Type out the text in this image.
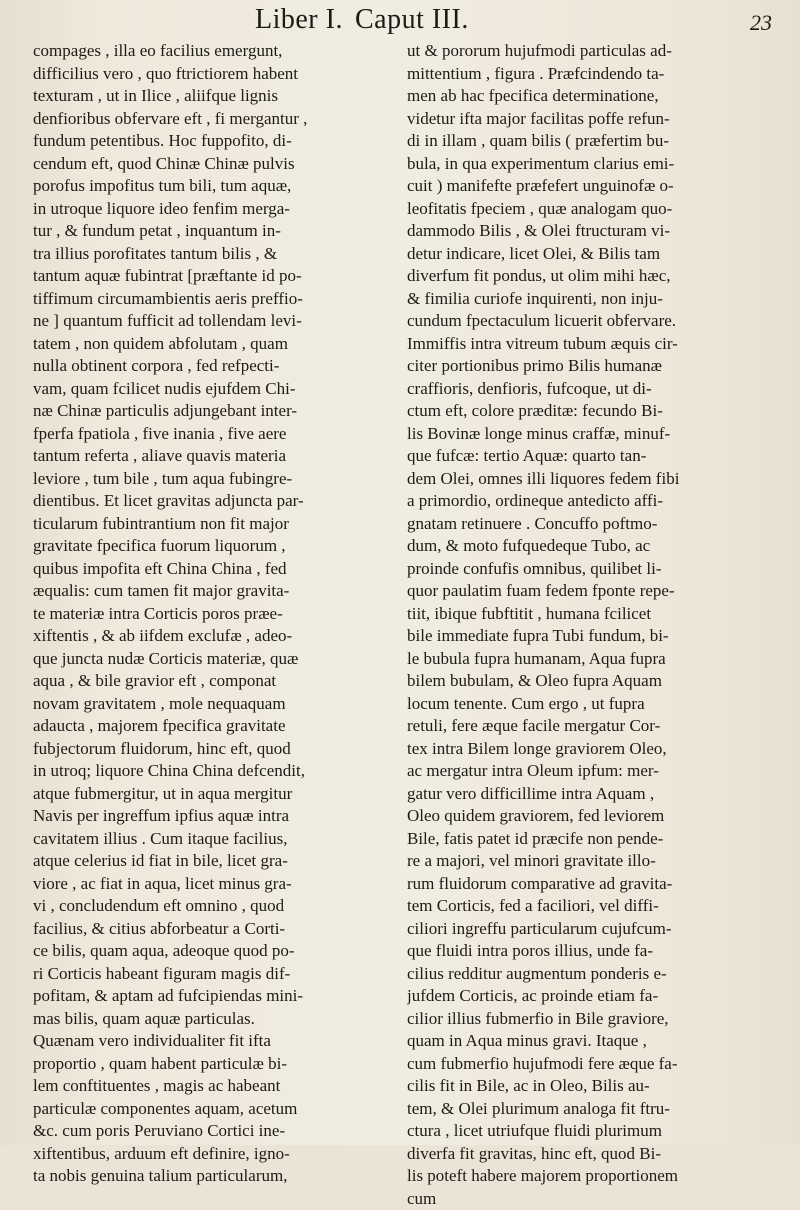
Liber I. Caput III.	23
compages , illa eo facilius emergunt,
difficilius vero , quo ftrictiorem habent
texturam , ut in Ilice , aliifque lignis
denfioribus obfervare eft , fi mergantur ,
fundum petentibus. Hoc fuppofito, di-
cendum eft, quod Chinæ Chinæ pulvis
porofus impofitus tum bili, tum aquæ,
in utroque liquore ideo fenfim merga-
tur , & fundum petat , inquantum in-
tra illius porofitates tantum bilis , &
tantum aquæ fubintrat [præftante id po-
tiffimum circumambientis aeris preffio-
ne ] quantum fufficit ad tollendam levi-
tatem , non quidem abfolutam , quam
nulla obtinent corpora , fed refpecti-
vam, quam fcilicet nudis ejufdem Chi-
næ Chinæ particulis adjungebant inter-
fperfa fpatiola , five inania , five aere
tantum referta , aliave quavis materia
leviore , tum bile , tum aqua fubingre-
dientibus. Et licet gravitas adjuncta par-
ticularum fubintrantium non fit major
gravitate fpecifica fuorum liquorum ,
quibus impofita eft China China , fed
æqualis: cum tamen fit major gravita-
te materiæ intra Corticis poros præe-
xiftentis , & ab iifdem exclufæ , adeo-
que juncta nudæ Corticis materiæ, quæ
aqua , & bile gravior eft , componat
novam gravitatem , mole nequaquam
adaucta , majorem fpecifica gravitate
fubjectorum fluidorum, hinc eft, quod
in utroq; liquore China China defcendit,
atque fubmergitur, ut in aqua mergitur
Navis per ingreffum ipfius aquæ intra
cavitatem illius . Cum itaque facilius,
atque celerius id fiat in bile, licet gra-
viore , ac fiat in aqua, licet minus gra-
vi , concludendum eft omnino , quod
facilius, & citius abforbeatur a Corti-
ce bilis, quam aqua, adeoque quod po-
ri Corticis habeant figuram magis dif-
pofitam, & aptam ad fufcipiendas mini-
mas bilis, quam aquæ particulas.
Quænam vero individualiter fit ifta
proportio , quam habent particulæ bi-
lem conftituentes , magis ac habeant
particulæ componentes aquam, acetum
&c. cum poris Peruviano Cortici ine-
xiftentibus, arduum eft definire, igno-
ta nobis genuina talium particularum,
ut & pororum hujufmodi particulas ad-
mittentium , figura . Præfcindendo ta-
men ab hac fpecifica determinatione,
videtur ifta major facilitas poffe refun-
di in illam , quam bilis ( præfertim bu-
bula, in qua experimentum clarius emi-
cuit ) manifefte præfefert unguinofæ o-
leofitatis fpeciem , quæ analogam quo-
dammodo Bilis , & Olei ftructuram vi-
detur indicare, licet Olei, & Bilis tam
diverfum fit pondus, ut olim mihi hæc,
& fimilia curiofe inquirenti, non inju-
cundum fpectaculum licuerit obfervare.
Immiffis intra vitreum tubum æquis cir-
citer portionibus primo Bilis humanæ
craffioris, denfioris, fufcoque, ut di-
ctum eft, colore præditæ: fecundo Bi-
lis Bovinæ longe minus craffæ, minuf-
que fufcæ: tertio Aquæ: quarto tan-
dem Olei, omnes illi liquores fedem fibi
a primordio, ordineque antedicto affi-
gnatam retinuere . Concuffo poftmo-
dum, & moto fufquedeque Tubo, ac
proinde confufis omnibus, quilibet li-
quor paulatim fuam fedem fponte repe-
tiit, ibique fubftitit , humana fcilicet
bile immediate fupra Tubi fundum, bi-
le bubula fupra humanam, Aqua fupra
bilem bubulam, & Oleo fupra Aquam
locum tenente. Cum ergo , ut fupra
retuli, fere æque facile mergatur Cor-
tex intra Bilem longe graviorem Oleo,
ac mergatur intra Oleum ipfum: mer-
gatur vero difficillime intra Aquam ,
Oleo quidem graviorem, fed leviorem
Bile, fatis patet id præcife non pende-
re a majori, vel minori gravitate illo-
rum fluidorum comparative ad gravita-
tem Corticis, fed a faciliori, vel diffi-
ciliori ingreffu particularum cujufcum-
que fluidi intra poros illius, unde fa-
cilius redditur augmentum ponderis e-
jufdem Corticis, ac proinde etiam fa-
cilior illius fubmerfio in Bile graviore,
quam in Aqua minus gravi. Itaque ,
cum fubmerfio hujufmodi fere æque fa-
cilis fit in Bile, ac in Oleo, Bilis au-
tem, & Olei plurimum analoga fit ftru-
ctura , licet utriufque fluidi plurimum
diverfa fit gravitas, hinc eft, quod Bi-
lis poteft habere majorem proportionem
cum
